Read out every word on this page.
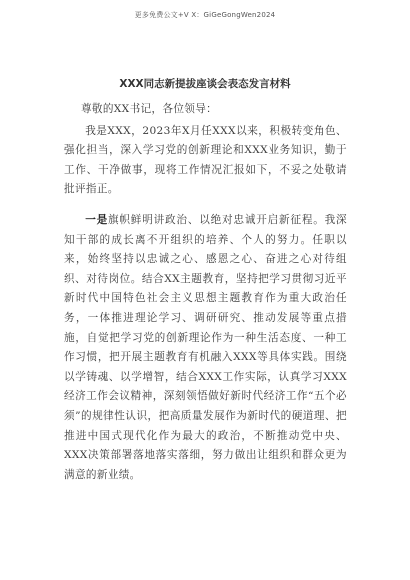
更多免费公文+V X：GiGeGongWen2024
XXX同志新提拔座谈会表态发言材料

尊敬的XX书记，各位领导：

我是XXX，2023年X月任XXX以来，积极转变角色、强化担当，深入学习党的创新理论和XXX业务知识，勤于工作、干净做事，现将工作情况汇报如下，不妥之处敬请批评指正。

一是旗帜鲜明讲政治、以绝对忠诚开启新征程。我深知干部的成长离不开组织的培养、个人的努力。任职以来，始终坚持以忠诚之心、感恩之心、奋进之心对待组织、对待岗位。结合XX主题教育，坚持把学习贯彻习近平新时代中国特色社会主义思想主题教育作为重大政治任务，一体推进理论学习、调研研究、推动发展等重点措施，自觉把学习党的创新理论作为一种生活态度、一种工作习惯，把开展主题教育有机融入XXX等具体实践。围绕以学铸魂、以学增智，结合XXX工作实际，认真学习XXX经济工作会议精神，深刻领悟做好新时代经济工作“五个必须”的规律性认识，把高质量发展作为新时代的硬道理、把推进中国式现代化作为最大的政治，不断推动党中央、XXX决策部署落地落实落细，努力做出让组织和群众更为满意的新业绩。
